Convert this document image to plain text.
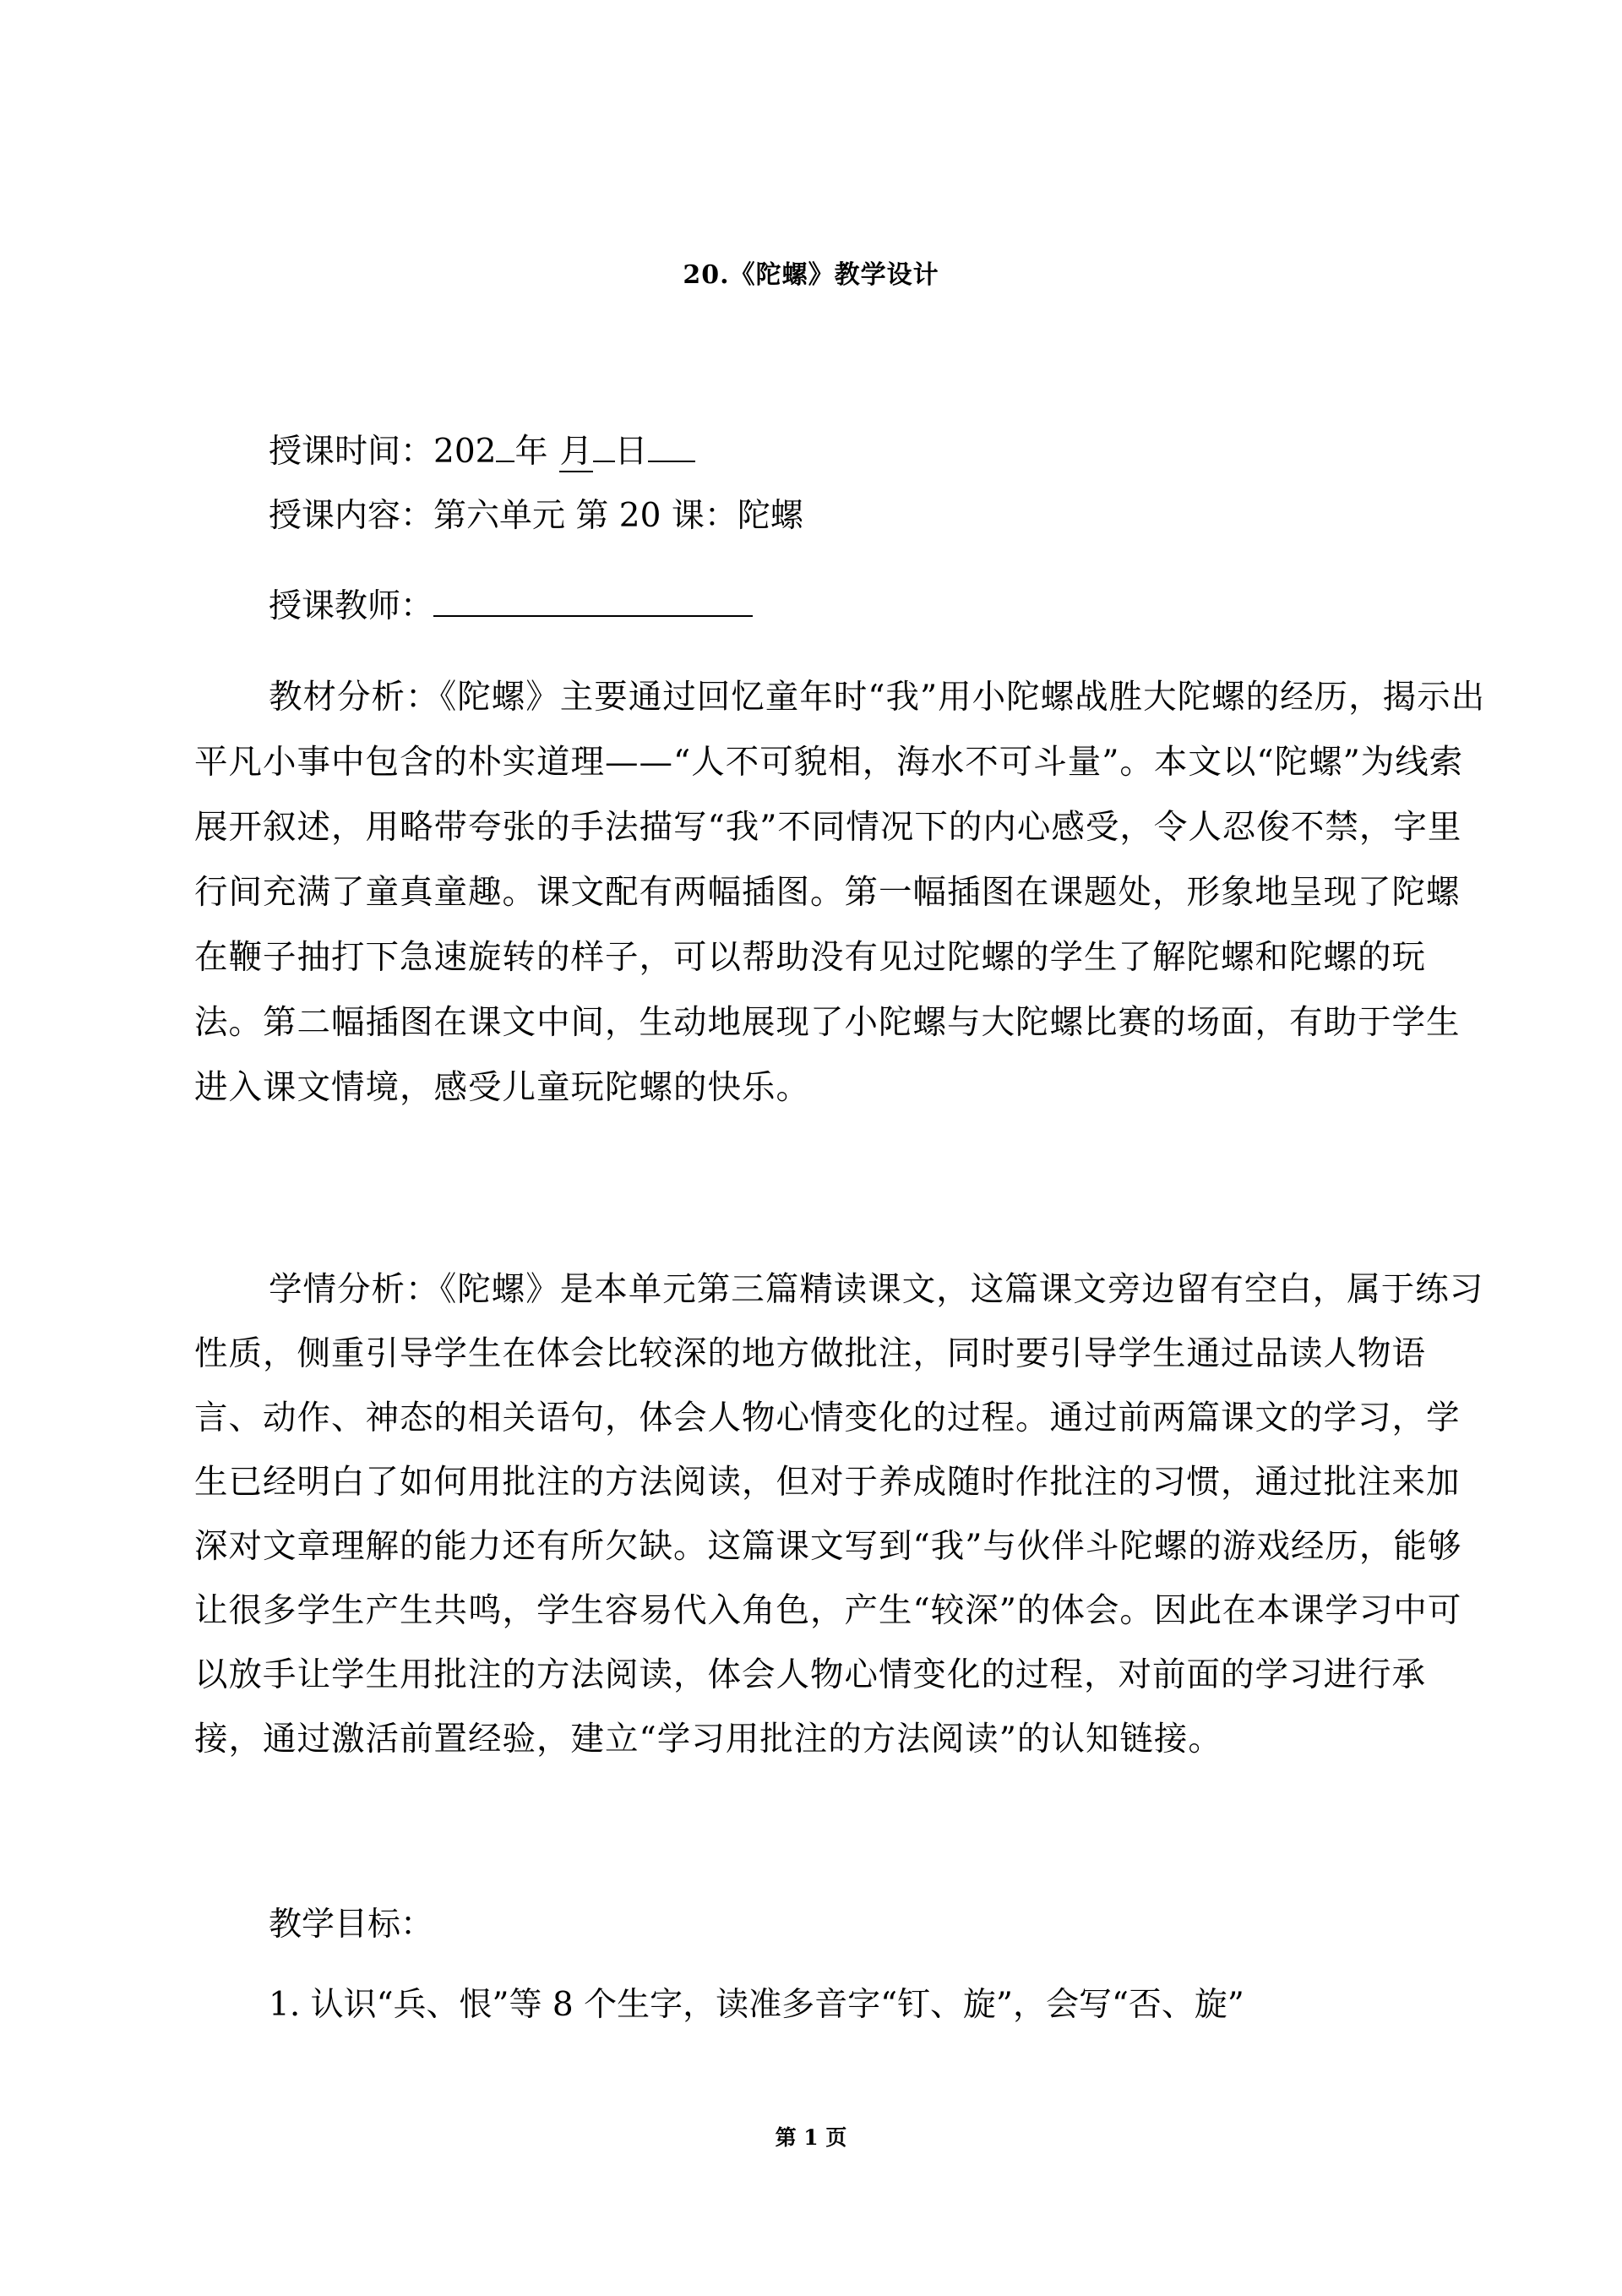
20.《陀螺》教学设计
授课时间：202 年 月 日
授课内容：第六单元 第 20 课：陀螺
授课教师：

教材分析：《陀螺》主要通过回忆童年时“我”用小陀螺战胜大陀螺的经历，揭示出平凡小事中包含的朴实道理——“人不可貌相，海水不可斗量”。本文以“陀螺”为线索展开叙述，用略带夸张的手法描写“我”不同情况下的内心感受，令人忍俊不禁，字里行间充满了童真童趣。课文配有两幅插图。第一幅插图在课题处，形象地呈现了陀螺在鞭子抽打下急速旋转的样子，可以帮助没有见过陀螺的学生了解陀螺和陀螺的玩法。第二幅插图在课文中间，生动地展现了小陀螺与大陀螺比赛的场面，有助于学生进入课文情境，感受儿童玩陀螺的快乐。

学情分析：《陀螺》是本单元第三篇精读课文，这篇课文旁边留有空白，属于练习性质，侧重引导学生在体会比较深的地方做批注，同时要引导学生通过品读人物语言、动作、神态的相关语句，体会人物心情变化的过程。通过前两篇课文的学习，学生已经明白了如何用批注的方法阅读，但对于养成随时作批注的习惯，通过批注来加深对文章理解的能力还有所欠缺。这篇课文写到“我”与伙伴斗陀螺的游戏经历，能够让很多学生产生共鸣，学生容易代入角色，产生“较深”的体会。因此在本课学习中可以放手让学生用批注的方法阅读，体会人物心情变化的过程，对前面的学习进行承接，通过激活前置经验，建立“学习用批注的方法阅读”的认知链接。

教学目标：
1. 认识“兵、恨”等 8 个生字，读准多音字“钉、旋”，会写“否、旋”
第 1 页
